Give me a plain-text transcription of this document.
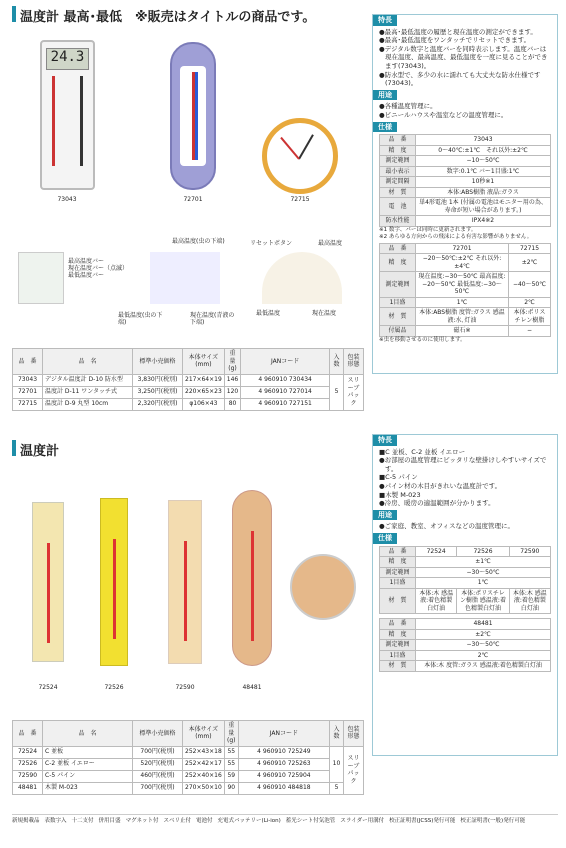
温度計 最高･最低　 ※販売はタイトルの商品です。
24.3
73043	72701	72715
最高温度バー
現在温度バー（点滅）
最低温度バー
最高温度(虫の下端)
最低温度(虫の下端)
現在温度(青液の下端)
リセットボタン	最高温度
最低温度	現在温度
特長
● 最高･最低温度の履歴と現在温度の測定ができます。
● 最高･最低温度をワンタッチでリセットできます。
● デジタル数字と温度バーを同時表示します。温度バーは現在温度、最高温度、最低温度を一度に見ることができます(73043)。
● 防水型で、多少の水に濡れても大丈夫な防水仕様です(73043)。
用途
● 各種温度管理に。
● ビニールハウスや温室などの温度管理に。
仕様
品　番	73043
精　度	0～40℃:±1℃　それ以外:±2℃
測定範囲	−10～50℃
最小表示	数字:0.1℃ バー1目盛:1℃
測定間隔	10秒※1
材　質	本体:ABS樹脂 液晶:ガラス
電　池	単4形電池 1本 (付属の電池はモニター用の為、寿命が短い場合があります。)
防水性能	IPX4※2
※1 数字、バーは同時に更新されます。
※2 あらゆる方向からの飛沫による有害な影響がありません。
品　番	72701	72715
精　度	−20～50℃:±2℃ それ以外:±4℃	±2℃
測定範囲	現在温度:−30～50℃ 最高温度:−20～50℃ 最低温度:−30～50℃	−40～50℃
1目盛	1℃	2℃
材　質	本体:ABS樹脂 度管:ガラス 感温液:水､灯油	本体:ポリスチレン樹脂
付属品	磁石※	−
※虫を移動させるのに使用します。
品　番	品　名	標準小売価格	本体サイズ(mm)	重量(g)	JANコード	入数	包装形態
73043	デジタル温度計 D-10 防水型	3,830円(税別)	217×64×19	146	4 960910 730434	5	スリーブパック
72701	温度計 D-11 ワンタッチ式	3,250円(税別)	220×65×23	120	4 960910 727014		
72715	温度計 D-9 丸型 10cm	2,320円(税別)	φ106×43	80	4 960910 727151		
温度計
72524	72526	72590	48481
特長
■ C 並板、C-2 並板 イエロー
● お部屋の温度管理にピッタリな壁掛けしやすいサイズです。
■ C-5 パイン
● パイン材の木目がきれいな温度計です。
■ 木製 M-023
● 冷房、暖房の適温範囲が分かります。
用途
● ご家庭、教室、オフィスなどの温度管理に。
仕様
品　番	72524	72526	72590
精　度	±1℃		
測定範囲	−30～50℃		
1目盛	1℃		
材　質	本体:木 感温液:着色精製白灯油	本体:ポリスチレン樹脂 感温液:着色精製白灯油	本体:木 感温液:着色精製白灯油
品　番	48481
精　度	±2℃
測定範囲	−30～50℃
1目盛	2℃
材　質	本体:木 度管:ガラス 感温液:着色精製白灯油
品　番	品　名	標準小売価格	本体サイズ(mm)	重量(g)	JANコード	入数	包装形態
72524	C 並板	700円(税別)	252×43×18	55	4 960910 725249	10	スリーブパック
72526	C-2 並板 イエロー	520円(税別)	252×42×17	55	4 960910 725263		
72590	C-5 パイン	460円(税別)	252×40×16	59	4 960910 725904		
48481	木製 M-023	700円(税別)	270×50×10	90	4 960910 484818	5	
新規掲載品 表数字入 十二支付 併用目盛 マグネット付 スベリ止付 電池付 充電式バッテリー(Li-ion) 蓄光シート付気泡管 スライダー用溝付 校正証明書(JCSS)発行可能 校正証明書(一般)発行可能
